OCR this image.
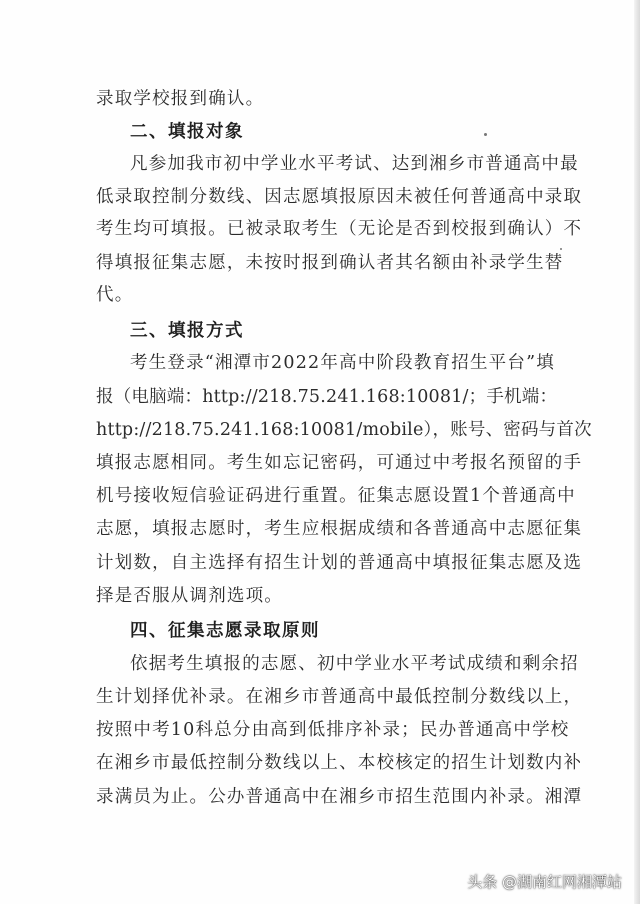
录取学校报到确认。
二、填报对象
凡参加我市初中学业水平考试、达到湘乡市普通高中最
低录取控制分数线、因志愿填报原因未被任何普通高中录取
考生均可填报。已被录取考生（无论是否到校报到确认）不
得填报征集志愿，未按时报到确认者其名额由补录学生替
代。
三、填报方式
考生登录“湘潭市2022年高中阶段教育招生平台”填
报（电脑端：http://218.75.241.168:10081/；手机端：
http://218.75.241.168:10081/mobile），账号、密码与首次
填报志愿相同。考生如忘记密码，可通过中考报名预留的手
机号接收短信验证码进行重置。征集志愿设置1个普通高中
志愿，填报志愿时，考生应根据成绩和各普通高中志愿征集
计划数，自主选择有招生计划的普通高中填报征集志愿及选
择是否服从调剂选项。
四、征集志愿录取原则
依据考生填报的志愿、初中学业水平考试成绩和剩余招
生计划择优补录。在湘乡市普通高中最低控制分数线以上，
按照中考10科总分由高到低排序补录；民办普通高中学校
在湘乡市最低控制分数线以上、本校核定的招生计划数内补
录满员为止。公办普通高中在湘乡市招生范围内补录。湘潭
头条 @湖南红网湘潭站
